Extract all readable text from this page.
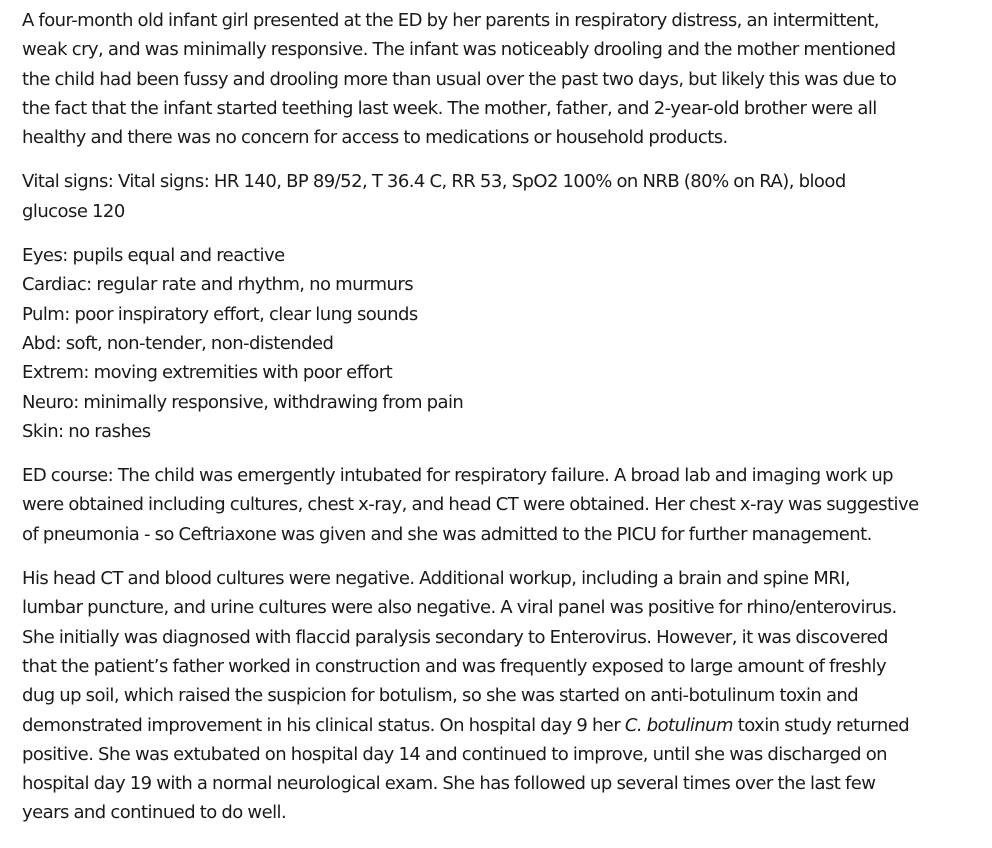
A four-month old infant girl presented at the ED by her parents in respiratory distress, an intermittent,
weak cry, and was minimally responsive. The infant was noticeably drooling and the mother mentioned
the child had been fussy and drooling more than usual over the past two days, but likely this was due to
the fact that the infant started teething last week. The mother, father, and 2-year-old brother were all
healthy and there was no concern for access to medications or household products.

Vital signs: Vital signs: HR 140, BP 89/52, T 36.4 C, RR 53, SpO2 100% on NRB (80% on RA), blood
glucose 120

Eyes: pupils equal and reactive
Cardiac: regular rate and rhythm, no murmurs
Pulm: poor inspiratory effort, clear lung sounds
Abd: soft, non-tender, non-distended
Extrem: moving extremities with poor effort
Neuro: minimally responsive, withdrawing from pain
Skin: no rashes

ED course: The child was emergently intubated for respiratory failure. A broad lab and imaging work up
were obtained including cultures, chest x-ray, and head CT were obtained. Her chest x-ray was suggestive
of pneumonia - so Ceftriaxone was given and she was admitted to the PICU for further management.

His head CT and blood cultures were negative. Additional workup, including a brain and spine MRI,
lumbar puncture, and urine cultures were also negative. A viral panel was positive for rhino/enterovirus.
She initially was diagnosed with flaccid paralysis secondary to Enterovirus. However, it was discovered
that the patient’s father worked in construction and was frequently exposed to large amount of freshly
dug up soil, which raised the suspicion for botulism, so she was started on anti-botulinum toxin and
demonstrated improvement in his clinical status. On hospital day 9 her C. botulinum toxin study returned
positive. She was extubated on hospital day 14 and continued to improve, until she was discharged on
hospital day 19 with a normal neurological exam. She has followed up several times over the last few
years and continued to do well.
